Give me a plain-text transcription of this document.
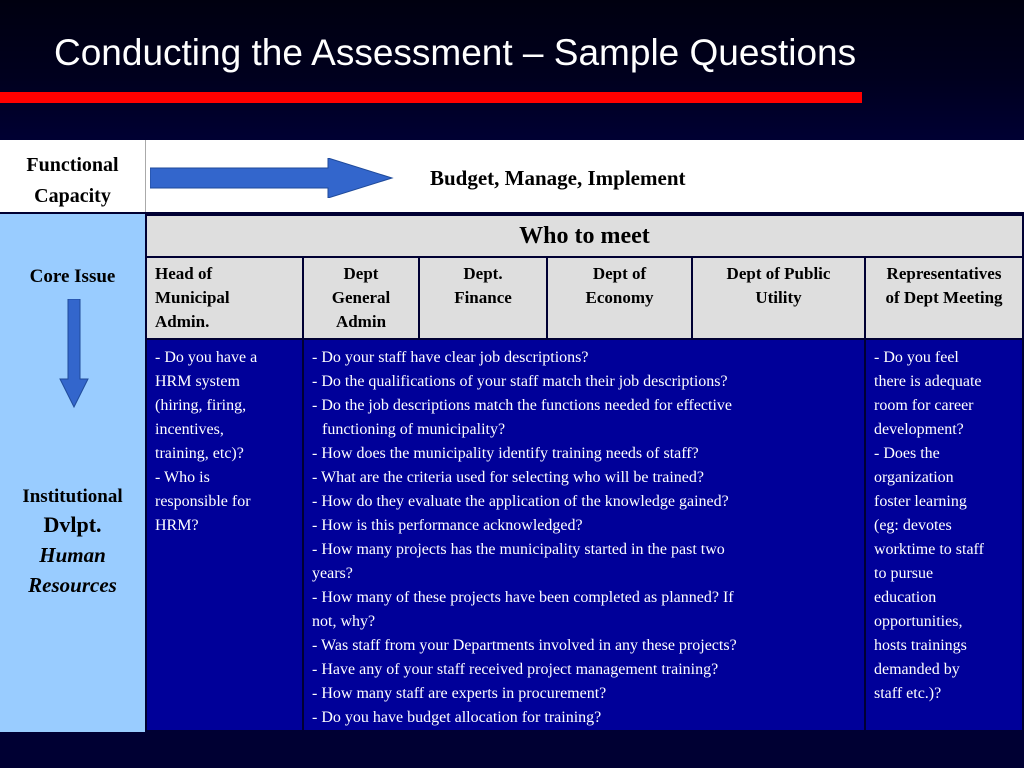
Conducting the Assessment – Sample Questions
Functional
Capacity
Budget, Manage, Implement
Core Issue
Institutional
Dvlpt.
Human
Resources
Who to meet
Head of
Municipal
Admin.
Dept
General
Admin
Dept.
Finance
Dept of
Economy
Dept of Public
Utility
Representatives
of Dept Meeting
- Do you have a
HRM system
(hiring, firing,
incentives,
training, etc)?
- Who is
responsible for
HRM?
- Do your staff have clear job descriptions?
- Do the qualifications of your staff match their job descriptions?
- Do the job descriptions match the functions needed for effective
functioning of municipality?
- How does the municipality identify training needs of staff?
- What are the criteria used for selecting who will be trained?
- How do they evaluate the application of the knowledge gained?
- How is this performance acknowledged?
- How many projects has the municipality started in the past two
years?
- How many of these projects have been completed as planned? If
not, why?
- Was staff from your Departments involved in any these projects?
- Have any of your staff received project management training?
- How many staff are experts in procurement?
- Do you have budget allocation for training?
- Do you feel
there is adequate
room for career
development?
- Does the
organization
foster learning
(eg: devotes
worktime to staff
to pursue
education
opportunities,
hosts trainings
demanded by
staff etc.)?
